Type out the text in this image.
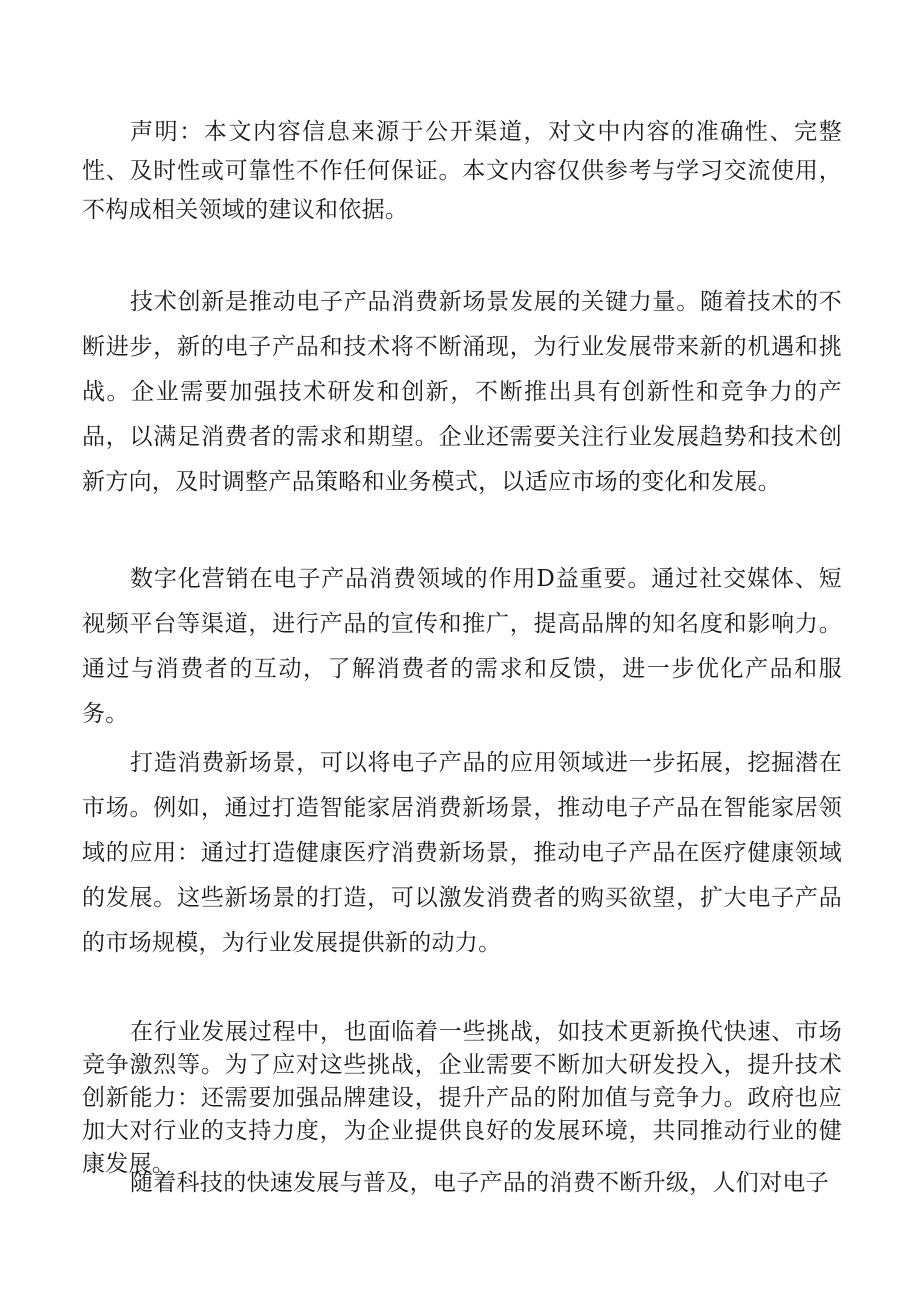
声明：本文内容信息来源于公开渠道，对文中内容的准确性、完整性、及时性或可靠性不作任何保证。本文内容仅供参考与学习交流使用，不构成相关领域的建议和依据。

技术创新是推动电子产品消费新场景发展的关键力量。随着技术的不断进步，新的电子产品和技术将不断涌现，为行业发展带来新的机遇和挑战。企业需要加强技术研发和创新，不断推出具有创新性和竞争力的产品，以满足消费者的需求和期望。企业还需要关注行业发展趋势和技术创新方向，及时调整产品策略和业务模式，以适应市场的变化和发展。

数字化营销在电子产品消费领域的作用D益重要。通过社交媒体、短视频平台等渠道，进行产品的宣传和推广，提高品牌的知名度和影响力。通过与消费者的互动，了解消费者的需求和反馈，进一步优化产品和服务。

打造消费新场景，可以将电子产品的应用领域进一步拓展，挖掘潜在市场。例如，通过打造智能家居消费新场景，推动电子产品在智能家居领域的应用：通过打造健康医疗消费新场景，推动电子产品在医疗健康领域的发展。这些新场景的打造，可以激发消费者的购买欲望，扩大电子产品的市场规模，为行业发展提供新的动力。

在行业发展过程中，也面临着一些挑战，如技术更新换代快速、市场竞争激烈等。为了应对这些挑战，企业需要不断加大研发投入，提升技术创新能力：还需要加强品牌建设，提升产品的附加值与竞争力。政府也应加大对行业的支持力度，为企业提供良好的发展环境，共同推动行业的健康发展。

随着科技的快速发展与普及，电子产品的消费不断升级，人们对电子
